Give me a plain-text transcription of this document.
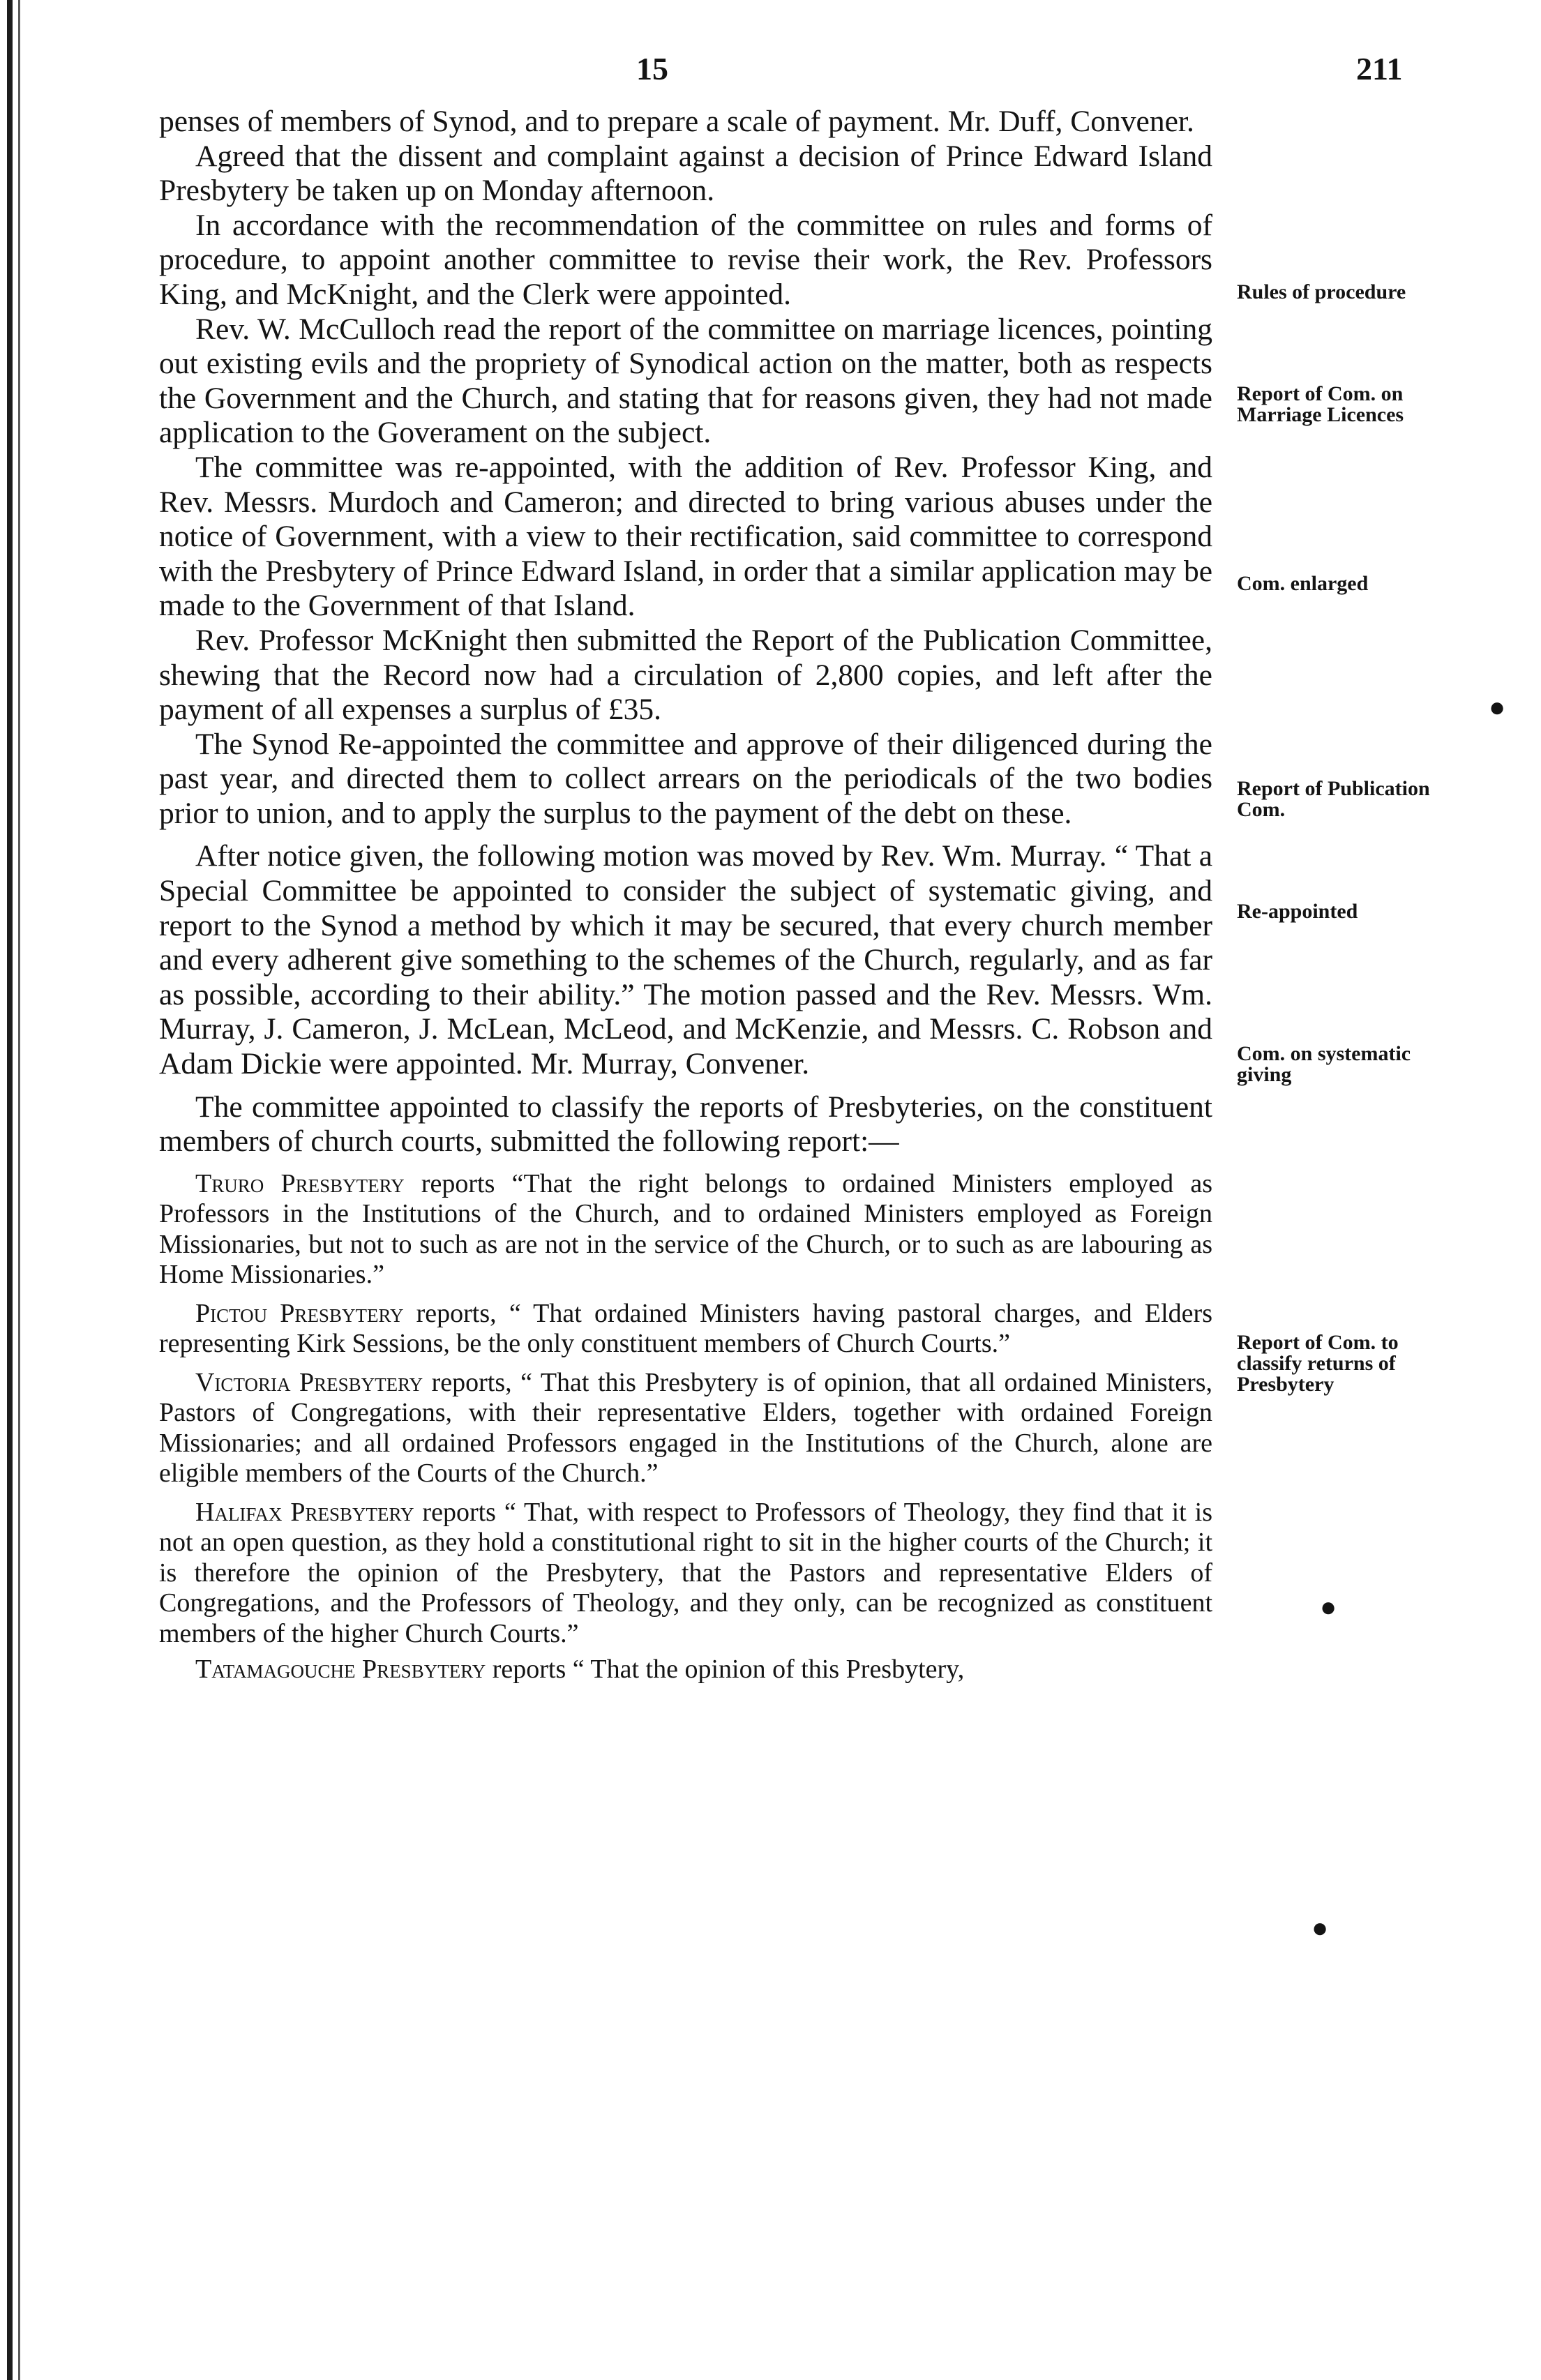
15	211

penses of members of Synod, and to prepare a scale of payment. Mr. Duff, Convener.

Agreed that the dissent and complaint against a decision of Prince Edward Island Presbytery be taken up on Monday afternoon.

In accordance with the recommendation of the committee on rules and forms of procedure, to appoint another committee to revise their work, the Rev. Professors King, and McKnight, and the Clerk were appointed.

Rev. W. McCulloch read the report of the committee on marriage licences, pointing out existing evils and the propriety of Synodical action on the matter, both as respects the Government and the Church, and stating that for reasons given, they had not made application to the Goverament on the subject.

The committee was re-appointed, with the addition of Rev. Professor King, and Rev. Messrs. Murdoch and Cameron; and directed to bring various abuses under the notice of Government, with a view to their rectification, said committee to correspond with the Presbytery of Prince Edward Island, in order that a similar application may be made to the Government of that Island.

Rev. Professor McKnight then submitted the Report of the Publication Committee, shewing that the Record now had a circulation of 2,800 copies, and left after the payment of all expenses a surplus of £35.

The Synod Re-appointed the committee and approve of their diligenced during the past year, and directed them to collect arrears on the periodicals of the two bodies prior to union, and to apply the surplus to the payment of the debt on these.

After notice given, the following motion was moved by Rev. Wm. Murray. “ That a Special Committee be appointed to consider the subject of systematic giving, and report to the Synod a method by which it may be secured, that every church member and every adherent give something to the schemes of the Church, regularly, and as far as possible, according to their ability.” The motion passed and the Rev. Messrs. Wm. Murray, J. Cameron, J. McLean, McLeod, and McKenzie, and Messrs. C. Robson and Adam Dickie were appointed. Mr. Murray, Convener.

The committee appointed to classify the reports of Presbyteries, on the constituent members of church courts, submitted the following report:—

Truro Presbytery reports “That the right belongs to ordained Ministers employed as Professors in the Institutions of the Church, and to ordained Ministers employed as Foreign Missionaries, but not to such as are not in the service of the Church, or to such as are labouring as Home Missionaries.”

Pictou Presbytery reports, “ That ordained Ministers having pastoral charges, and Elders representing Kirk Sessions, be the only constituent members of Church Courts.”

Victoria Presbytery reports, “ That this Presbytery is of opinion, that all ordained Ministers, Pastors of Congregations, with their representative Elders, together with ordained Foreign Missionaries; and all ordained Professors engaged in the Institutions of the Church, alone are eligible members of the Courts of the Church.”

Halifax Presbytery reports “ That, with respect to Professors of Theology, they find that it is not an open question, as they hold a constitutional right to sit in the higher courts of the Church; it is therefore the opinion of the Presbytery, that the Pastors and representative Elders of Congregations, and the Professors of Theology, and they only, can be recognized as constituent members of the higher Church Courts.”

Tatamagouche Presbytery reports “ That the opinion of this Presbytery,

Rules of procedure
Report of Com. on Marriage Licences
Com. enlarged
Report of Publication Com.
Re-appointed
Com. on systematic giving
Report of Com. to classify returns of Presbytery
●
●
●
